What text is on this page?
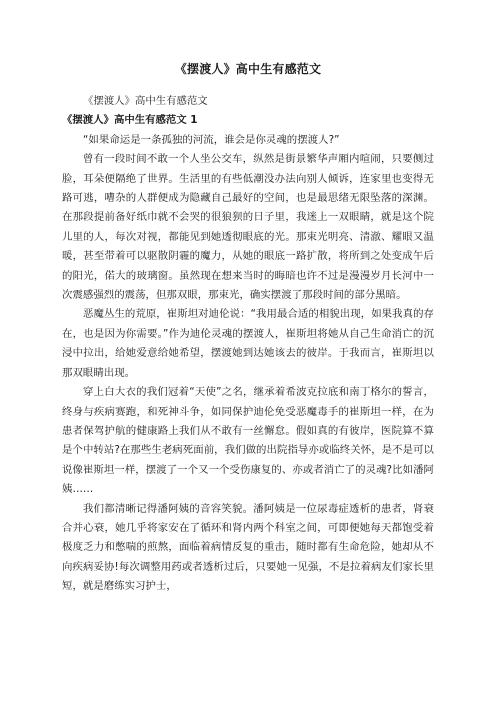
《摆渡人》高中生有感范文

《摆渡人》高中生有感范文

《摆渡人》高中生有感范文 1

“如果命运是一条孤独的河流，谁会是你灵魂的摆渡人?”

曾有一段时间不敢一个人坐公交车，纵然是街景繁华声厢内喧闹，只要侧过脸，耳朵便隔绝了世界。生活里的有些低潮没办法向别人倾诉，连家里也变得无路可逃，嘈杂的人群便成为隐藏自己最好的空间，也是最思绪无限坠落的深渊。在那段提前备好纸巾就不会哭的很狼狈的日子里，我迷上一双眼睛，就是这个院儿里的人，每次对视，都能见到她透彻眼底的光。那束光明亮、清澈、耀眼又温暖，甚至带着可以驱散阴霾的魔力，从她的眼底一路扩散，将所到之处变成午后的阳光，偌大的玻璃窗。虽然现在想来当时的晦暗也许不过是漫漫岁月长河中一次震感强烈的震荡，但那双眼，那束光，确实摆渡了那段时间的部分黑暗。

恶魔丛生的荒原，崔斯坦对迪伦说：“我用最合适的相貌出现，如果我真的存在，也是因为你需要。”作为迪伦灵魂的摆渡人，崔斯坦将她从自己生命消亡的沉浸中拉出，给她爱意给她希望，摆渡她到达她该去的彼岸。于我而言，崔斯坦以那双眼睛出现。

穿上白大衣的我们冠着“天使”之名，继承着希波克拉底和南丁格尔的誓言，终身与疾病赛跑，和死神斗争，如同保护迪伦免受恶魔毒手的崔斯坦一样，在为患者保驾护航的健康路上我们从不敢有一丝懈怠。假如真的有彼岸，医院算不算是个中转站?在那些生老病死面前，我们做的出院指导亦或临终关怀，是不是可以说像崔斯坦一样，摆渡了一个又一个受伤康复的、亦或者消亡了的灵魂?比如潘阿姨……

我们都清晰记得潘阿姨的音容笑貌。潘阿姨是一位尿毒症透析的患者，肾衰合并心衰，她几乎将家安在了循环和肾内两个科室之间，可即便她每天都饱受着极度乏力和憋喘的煎熬，面临着病情反复的重击，随时都有生命危险，她却从不向疾病妥协!每次调整用药或者透析过后，只要她一见强，不是拉着病友们家长里短，就是磨练实习护士，
